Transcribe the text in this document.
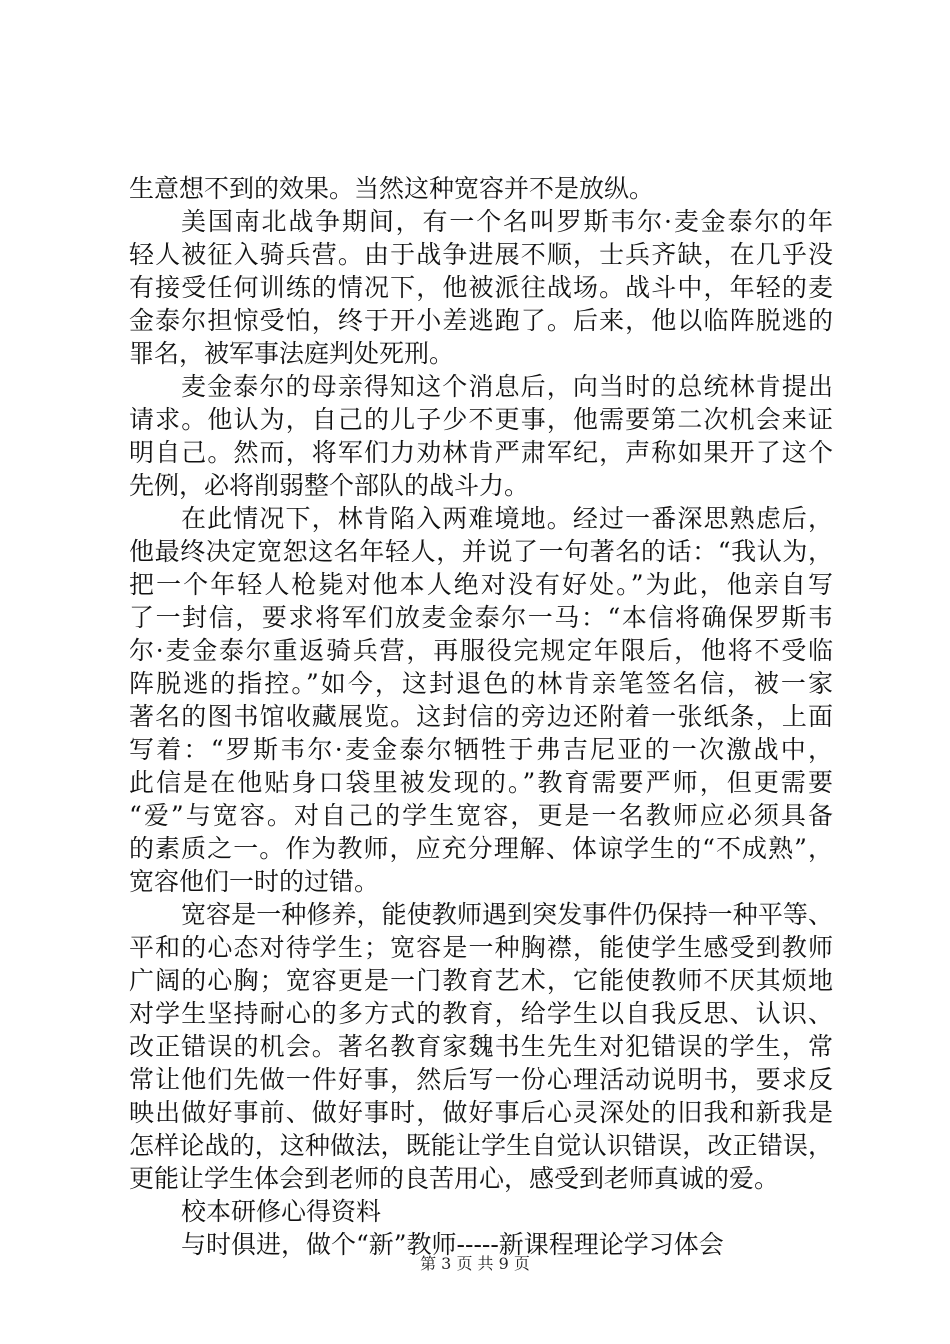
生意想不到的效果。当然这种宽容并不是放纵。
美国南北战争期间，有一个名叫罗斯韦尔·麦金泰尔的年
轻人被征入骑兵营。由于战争进展不顺，士兵齐缺，在几乎没
有接受任何训练的情况下，他被派往战场。战斗中，年轻的麦
金泰尔担惊受怕，终于开小差逃跑了。后来，他以临阵脱逃的
罪名，被军事法庭判处死刑。
麦金泰尔的母亲得知这个消息后，向当时的总统林肯提出
请求。他认为，自己的儿子少不更事，他需要第二次机会来证
明自己。然而，将军们力劝林肯严肃军纪，声称如果开了这个
先例，必将削弱整个部队的战斗力。
在此情况下，林肯陷入两难境地。经过一番深思熟虑后，
他最终决定宽恕这名年轻人，并说了一句著名的话：“我认为，
把一个年轻人枪毙对他本人绝对没有好处。”为此，他亲自写
了一封信，要求将军们放麦金泰尔一马：“本信将确保罗斯韦
尔·麦金泰尔重返骑兵营，再服役完规定年限后，他将不受临
阵脱逃的指控。”如今，这封退色的林肯亲笔签名信，被一家
著名的图书馆收藏展览。这封信的旁边还附着一张纸条，上面
写着：“罗斯韦尔·麦金泰尔牺牲于弗吉尼亚的一次激战中，
此信是在他贴身口袋里被发现的。”教育需要严师，但更需要
“爱”与宽容。对自己的学生宽容，更是一名教师应必须具备
的素质之一。作为教师，应充分理解、体谅学生的“不成熟”，
宽容他们一时的过错。
宽容是一种修养，能使教师遇到突发事件仍保持一种平等、
平和的心态对待学生；宽容是一种胸襟，能使学生感受到教师
广阔的心胸；宽容更是一门教育艺术，它能使教师不厌其烦地
对学生坚持耐心的多方式的教育，给学生以自我反思、认识、
改正错误的机会。著名教育家魏书生先生对犯错误的学生，常
常让他们先做一件好事，然后写一份心理活动说明书，要求反
映出做好事前、做好事时，做好事后心灵深处的旧我和新我是
怎样论战的，这种做法，既能让学生自觉认识错误，改正错误，
更能让学生体会到老师的良苦用心，感受到老师真诚的爱。
校本研修心得资料
与时俱进，做个“新”教师-----新课程理论学习体会
第 3 页 共 9 页
